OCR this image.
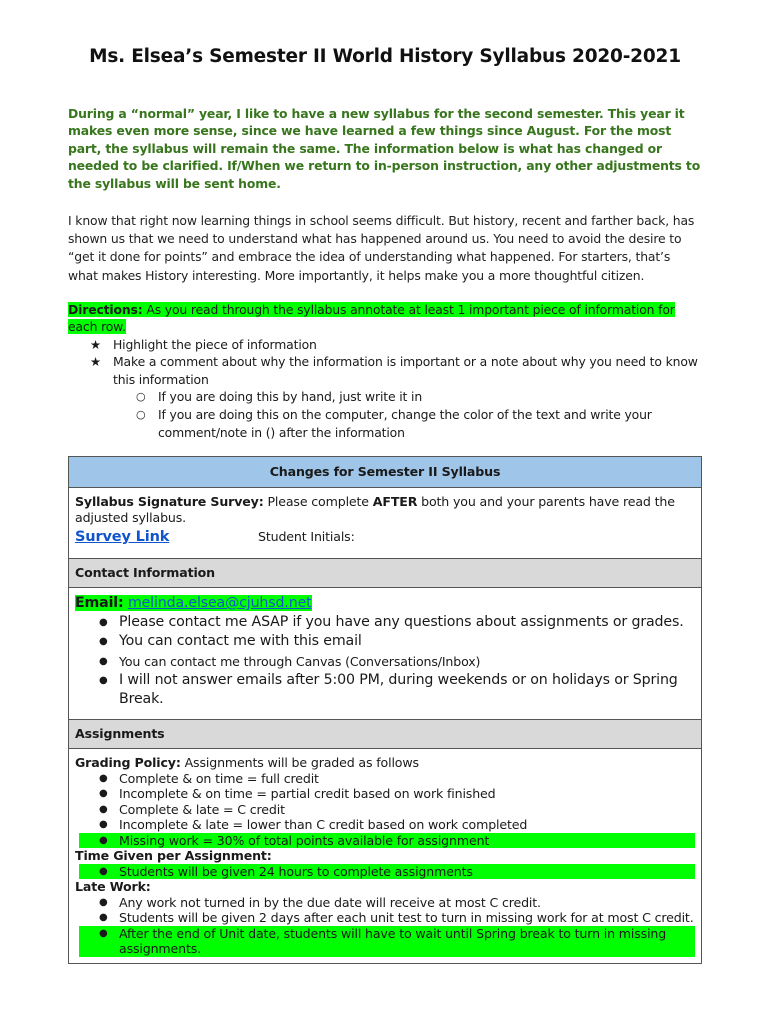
Ms. Elsea’s Semester II World History Syllabus 2020-2021

During a “normal” year, I like to have a new syllabus for the second semester. This year it makes even more sense, since we have learned a few things since August. For the most part, the syllabus will remain the same. The information below is what has changed or needed to be clarified. If/When we return to in-person instruction, any other adjustments to the syllabus will be sent home.

I know that right now learning things in school seems difficult. But history, recent and farther back, has shown us that we need to understand what has happened around us. You need to avoid the desire to “get it done for points” and embrace the idea of understanding what happened. For starters, that’s what makes History interesting. More importantly, it helps make you a more thoughtful citizen.

Directions: As you read through the syllabus annotate at least 1 important piece of information for each row.

★ Highlight the piece of information
★ Make a comment about why the information is important or a note about why you need to know this information
○ If you are doing this by hand, just write it in
○ If you are doing this on the computer, change the color of the text and write your comment/note in () after the information
Changes for Semester II Syllabus
Syllabus Signature Survey: Please complete AFTER both you and your parents have read the adjusted syllabus.
Survey Link	Student Initials:

Contact Information

Email: melinda.elsea@cjuhsd.net
● Please contact me ASAP if you have any questions about assignments or grades.
● You can contact me with this email
● You can contact me through Canvas (Conversations/Inbox)
● I will not answer emails after 5:00 PM, during weekends or on holidays or Spring Break.

Assignments

Grading Policy: Assignments will be graded as follows
● Complete & on time = full credit
● Incomplete & on time = partial credit based on work finished
● Complete & late = C credit
● Incomplete & late = lower than C credit based on work completed
● Missing work = 30% of total points available for assignment
Time Given per Assignment:
● Students will be given 24 hours to complete assignments
Late Work:
● Any work not turned in by the due date will receive at most C credit.
● Students will be given 2 days after each unit test to turn in missing work for at most C credit.
● After the end of Unit date, students will have to wait until Spring break to turn in missing assignments.
